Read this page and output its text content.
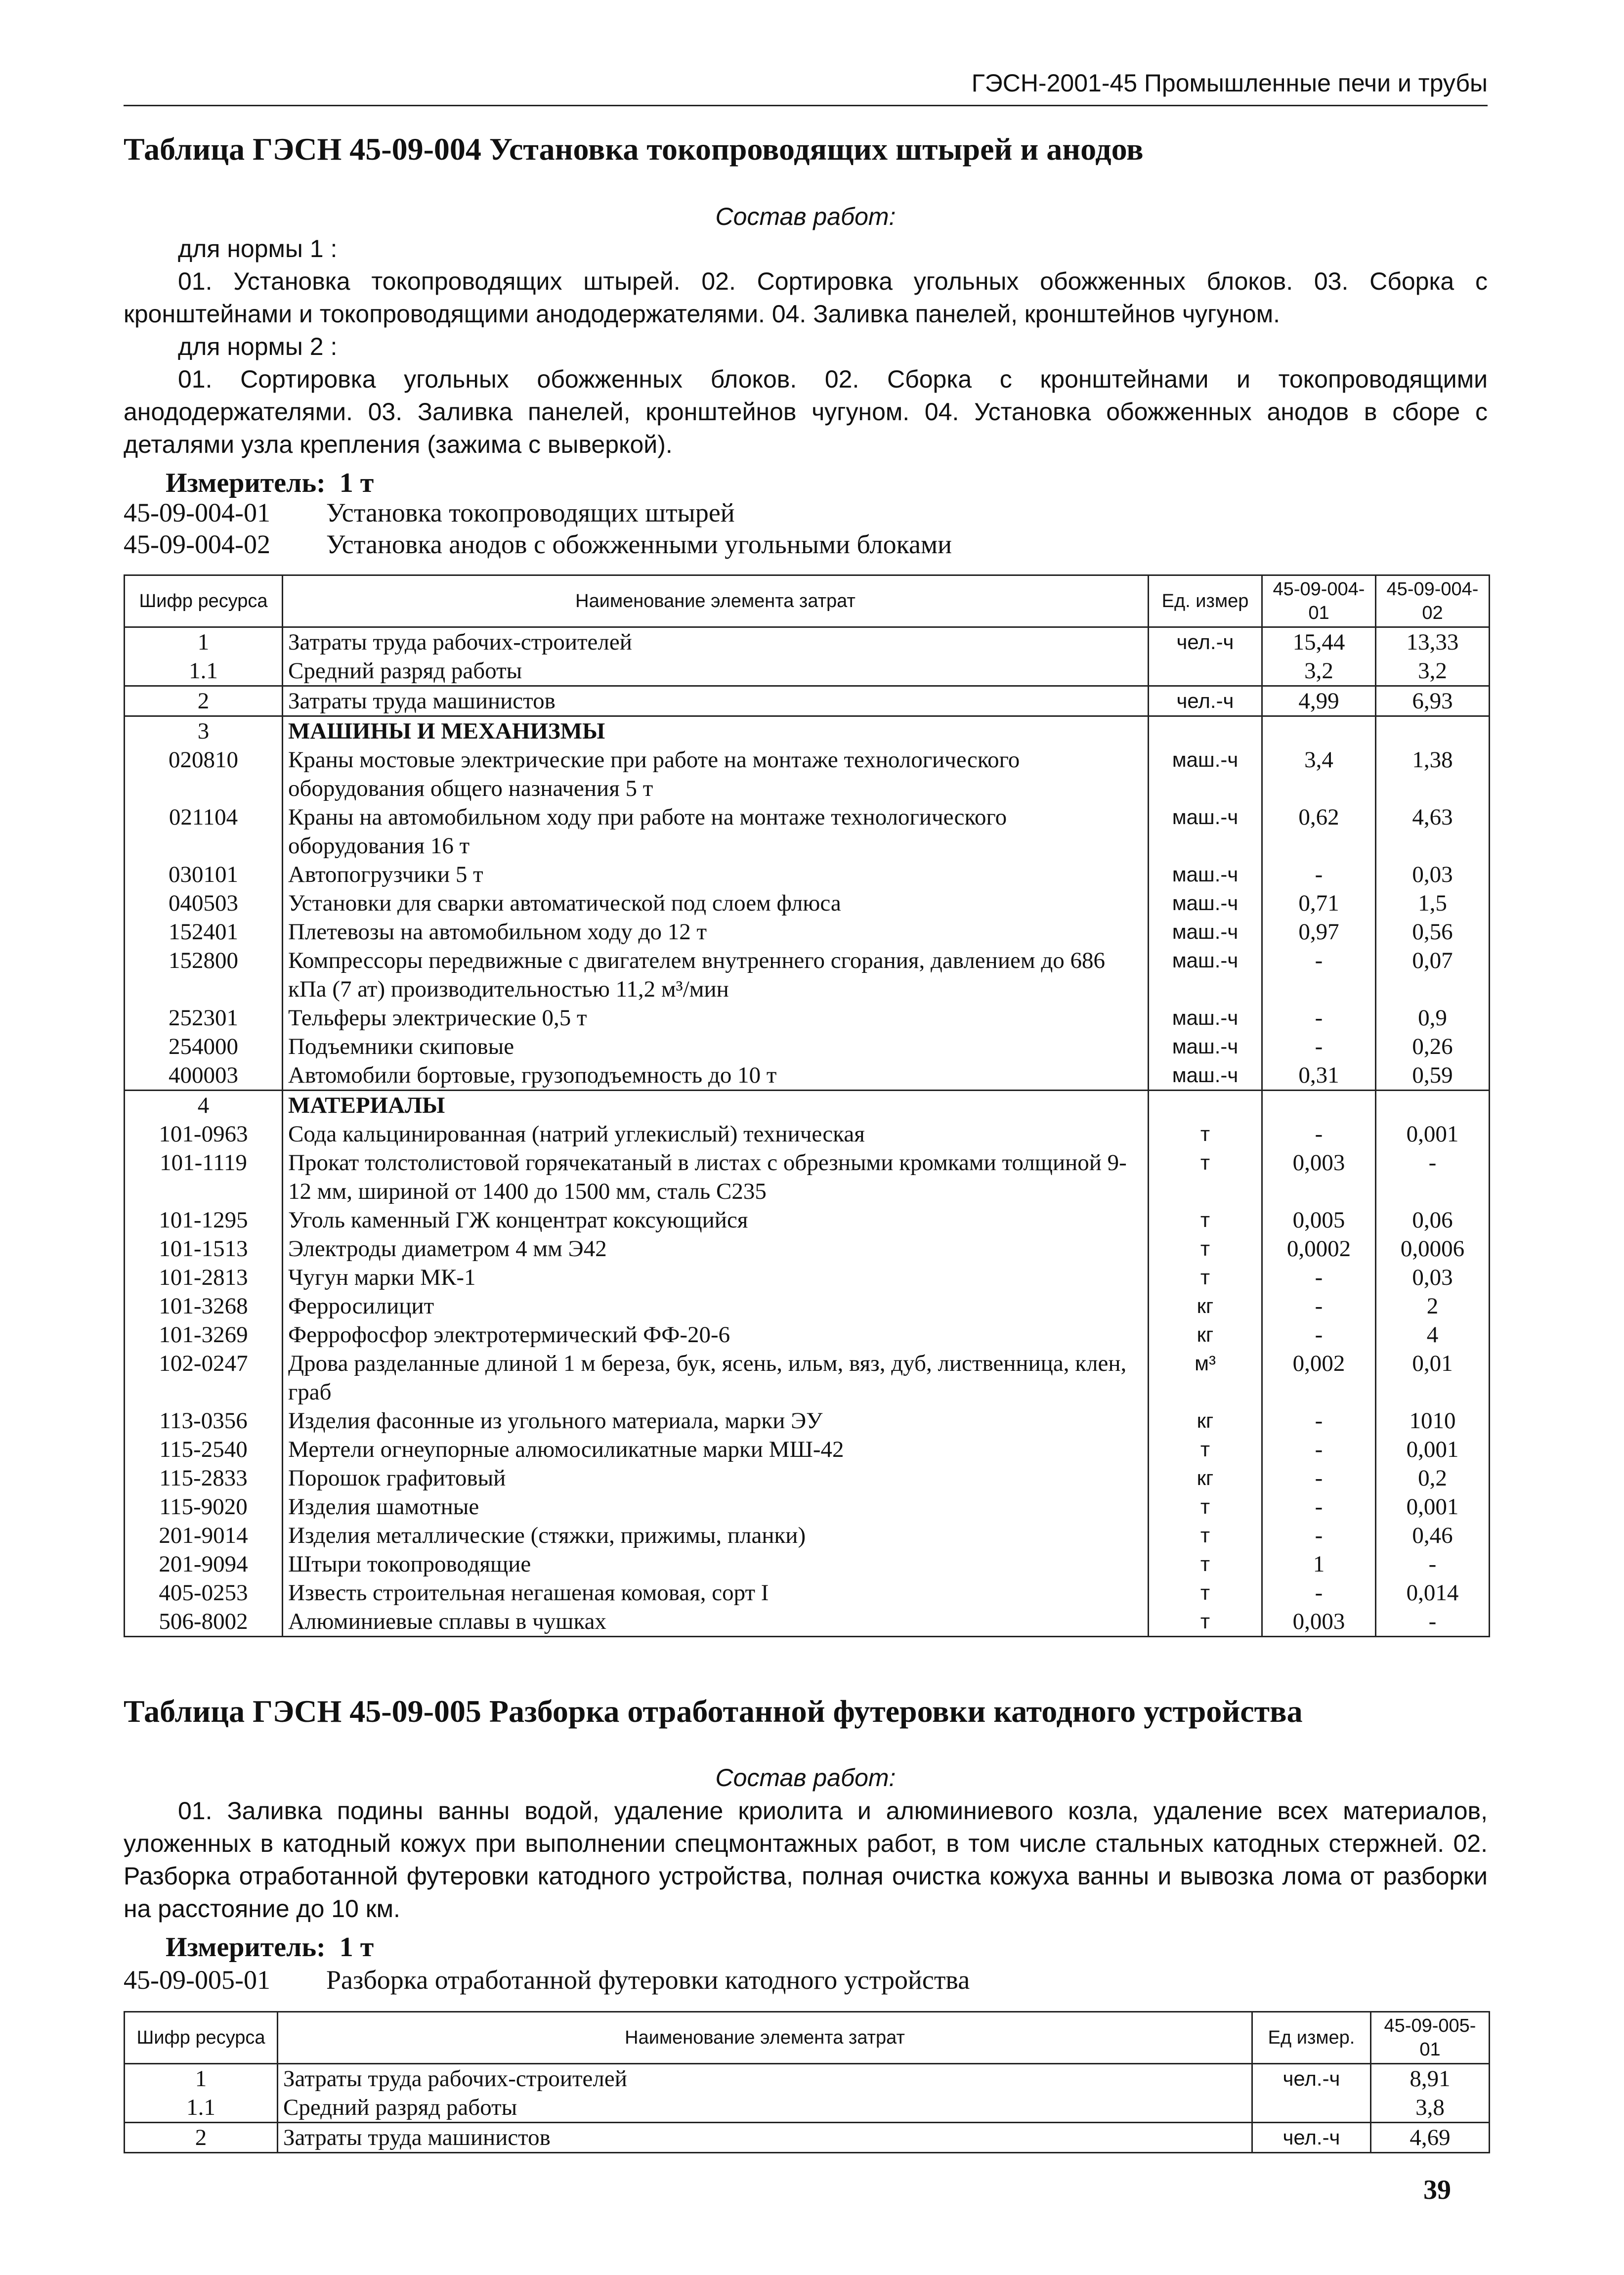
ГЭСН-2001-45 Промышленные печи и трубы
Таблица ГЭСН 45-09-004 Установка токопроводящих штырей и анодов
Состав работ:

для нормы 1 :

01. Установка токопроводящих штырей. 02. Сортировка угольных обожженных блоков. 03. Сборка с кронштейнами и токопроводящими анододержателями. 04. Заливка панелей, кронштейнов чугуном.

для нормы 2 :

01. Сортировка угольных обожженных блоков. 02. Сборка с кронштейнами и токопроводящими анододержателями. 03. Заливка панелей, кронштейнов чугуном. 04. Установка обожженных анодов в сборе с деталями узла крепления (зажима с выверкой).

Измеритель: 1 т
45-09-004-01 Установка токопроводящих штырей
45-09-004-02 Установка анодов с обожженными угольными блоками
Шифр ресурса	Наименование элемента затрат	Ед. измер	45-09-004-01	45-09-004-02
1	Затраты труда рабочих-строителей	чел.-ч	15,44	13,33
1.1	Средний разряд работы		3,2	3,2
2	Затраты труда машинистов	чел.-ч	4,99	6,93
3	МАШИНЫ И МЕХАНИЗМЫ			
020810	Краны мостовые электрические при работе на монтаже технологического оборудования общего назначения 5 т	маш.-ч	3,4	1,38
021104	Краны на автомобильном ходу при работе на монтаже технологического оборудования 16 т	маш.-ч	0,62	4,63
030101	Автопогрузчики 5 т	маш.-ч	-	0,03
040503	Установки для сварки автоматической под слоем флюса	маш.-ч	0,71	1,5
152401	Плетевозы на автомобильном ходу до 12 т	маш.-ч	0,97	0,56
152800	Компрессоры передвижные с двигателем внутреннего сгорания, давлением до 686 кПа (7 ат) производительностью 11,2 м³/мин	маш.-ч	-	0,07
252301	Тельферы электрические 0,5 т	маш.-ч	-	0,9
254000	Подъемники скиповые	маш.-ч	-	0,26
400003	Автомобили бортовые, грузоподъемность до 10 т	маш.-ч	0,31	0,59
4	МАТЕРИАЛЫ			
101-0963	Сода кальцинированная (натрий углекислый) техническая	т	-	0,001
101-1119	Прокат толстолистовой горячекатаный в листах с обрезными кромками толщиной 9-12 мм, шириной от 1400 до 1500 мм, сталь С235	т	0,003	-
101-1295	Уголь каменный ГЖ концентрат коксующийся	т	0,005	0,06
101-1513	Электроды диаметром 4 мм Э42	т	0,0002	0,0006
101-2813	Чугун марки МК-1	т	-	0,03
101-3268	Ферросилицит	кг	-	2
101-3269	Феррофосфор электротермический ФФ-20-6	кг	-	4
102-0247	Дрова разделанные длиной 1 м береза, бук, ясень, ильм, вяз, дуб, лиственница, клен, граб	м³	0,002	0,01
113-0356	Изделия фасонные из угольного материала, марки ЭУ	кг	-	1010
115-2540	Мертели огнеупорные алюмосиликатные марки МШ-42	т	-	0,001
115-2833	Порошок графитовый	кг	-	0,2
115-9020	Изделия шамотные	т	-	0,001
201-9014	Изделия металлические (стяжки, прижимы, планки)	т	-	0,46
201-9094	Штыри токопроводящие	т	1	-
405-0253	Известь строительная негашеная комовая, сорт I	т	-	0,014
506-8002	Алюминиевые сплавы в чушках	т	0,003	-
Таблица ГЭСН 45-09-005 Разборка отработанной футеровки катодного устройства
Состав работ:

01. Заливка подины ванны водой, удаление криолита и алюминиевого козла, удаление всех материалов, уложенных в катодный кожух при выполнении спецмонтажных работ, в том числе стальных катодных стержней. 02. Разборка отработанной футеровки катодного устройства, полная очистка кожуха ванны и вывозка лома от разборки на расстояние до 10 км.

Измеритель: 1 т
45-09-005-01 Разборка отработанной футеровки катодного устройства
Шифр ресурса	Наименование элемента затрат	Ед измер.	45-09-005-01
1	Затраты труда рабочих-строителей	чел.-ч	8,91
1.1	Средний разряд работы		3,8
2	Затраты труда машинистов	чел.-ч	4,69
39
